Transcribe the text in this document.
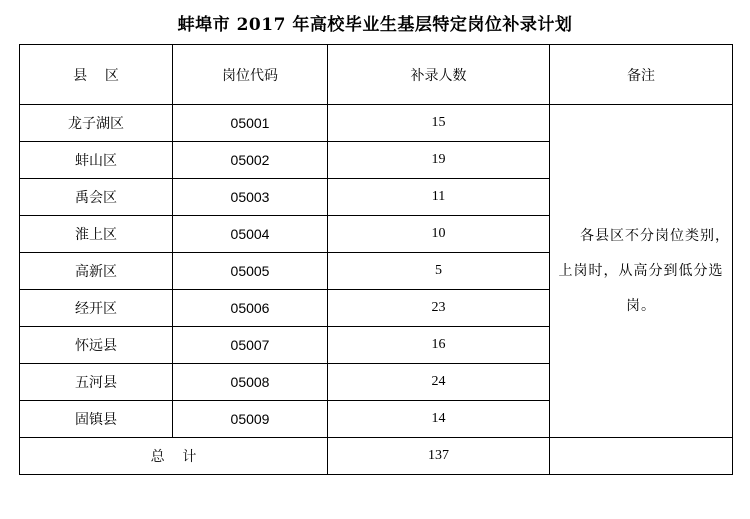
蚌埠市 2017 年高校毕业生基层特定岗位补录计划
县    区	岗位代码	补录人数	备注
龙子湖区	05001	15	各县区不分岗位类别，上岗时，从高分到低分选岗。

蚌山区	05002	19	
禹会区	05003	11	
淮上区	05004	10	
高新区	05005	5	
经开区	05006	23	
怀远县	05007	16	
五河县	05008	24	
固镇县	05009	14	
总    计		137	
